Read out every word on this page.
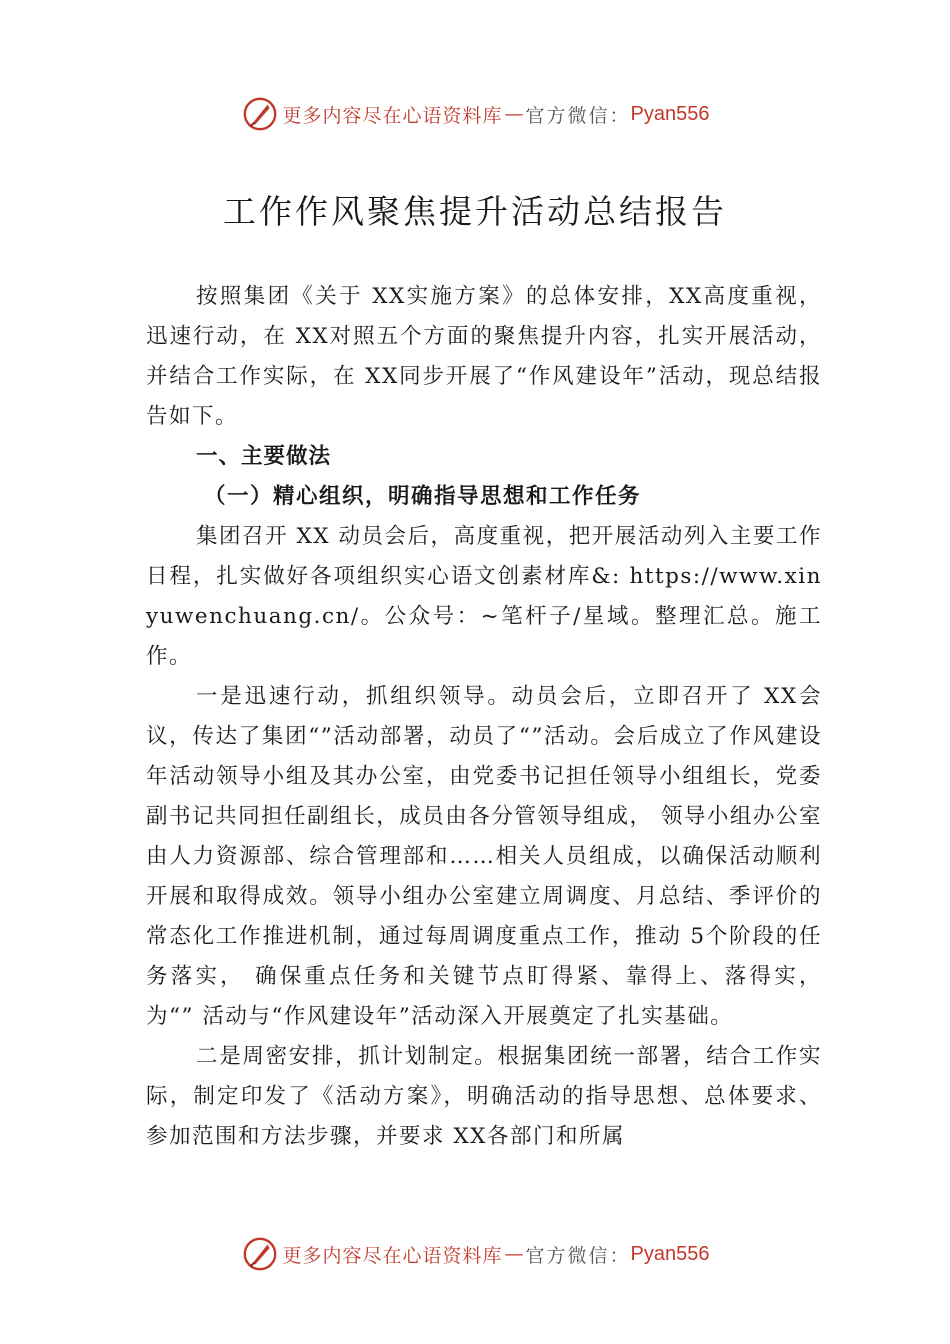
更多内容尽在心语资料库 — 官方微信： Pyan556
工作作风聚焦提升活动总结报告

按照集团《关于 XX实施方案》的总体安排，XX高度重视，迅速行动，在 XX对照五个方面的聚焦提升内容，扎实开展活动，并结合工作实际，在 XX同步开展了“作风建设年”活动，现总结报告如下。

一、主要做法

（一）精心组织，明确指导思想和工作任务

集团召开 XX 动员会后，高度重视，把开展活动列入主要工作日程，扎实做好各项组织实心语文创素材库&: https://www.xinyuwenchuang.cn/。公众号：~笔杆子/星域。整理汇总。施工作。

一是迅速行动，抓组织领导。动员会后，立即召开了 XX会议，传达了集团“”活动部署，动员了“”活动。会后成立了作风建设年活动领导小组及其办公室，由党委书记担任领导小组组长，党委副书记共同担任副组长，成员由各分管领导组成， 领导小组办公室由人力资源部、综合管理部和……相关人员组成，以确保活动顺利开展和取得成效。领导小组办公室建立周调度、月总结、季评价的常态化工作推进机制，通过每周调度重点工作，推动 5个阶段的任务落实， 确保重点任务和关键节点盯得紧、靠得上、落得实，为“” 活动与“作风建设年”活动深入开展奠定了扎实基础。

二是周密安排，抓计划制定。根据集团统一部署，结合工作实际，制定印发了《活动方案》，明确活动的指导思想、总体要求、参加范围和方法步骤，并要求 XX各部门和所属

更多内容尽在心语资料库 — 官方微信： Pyan556
